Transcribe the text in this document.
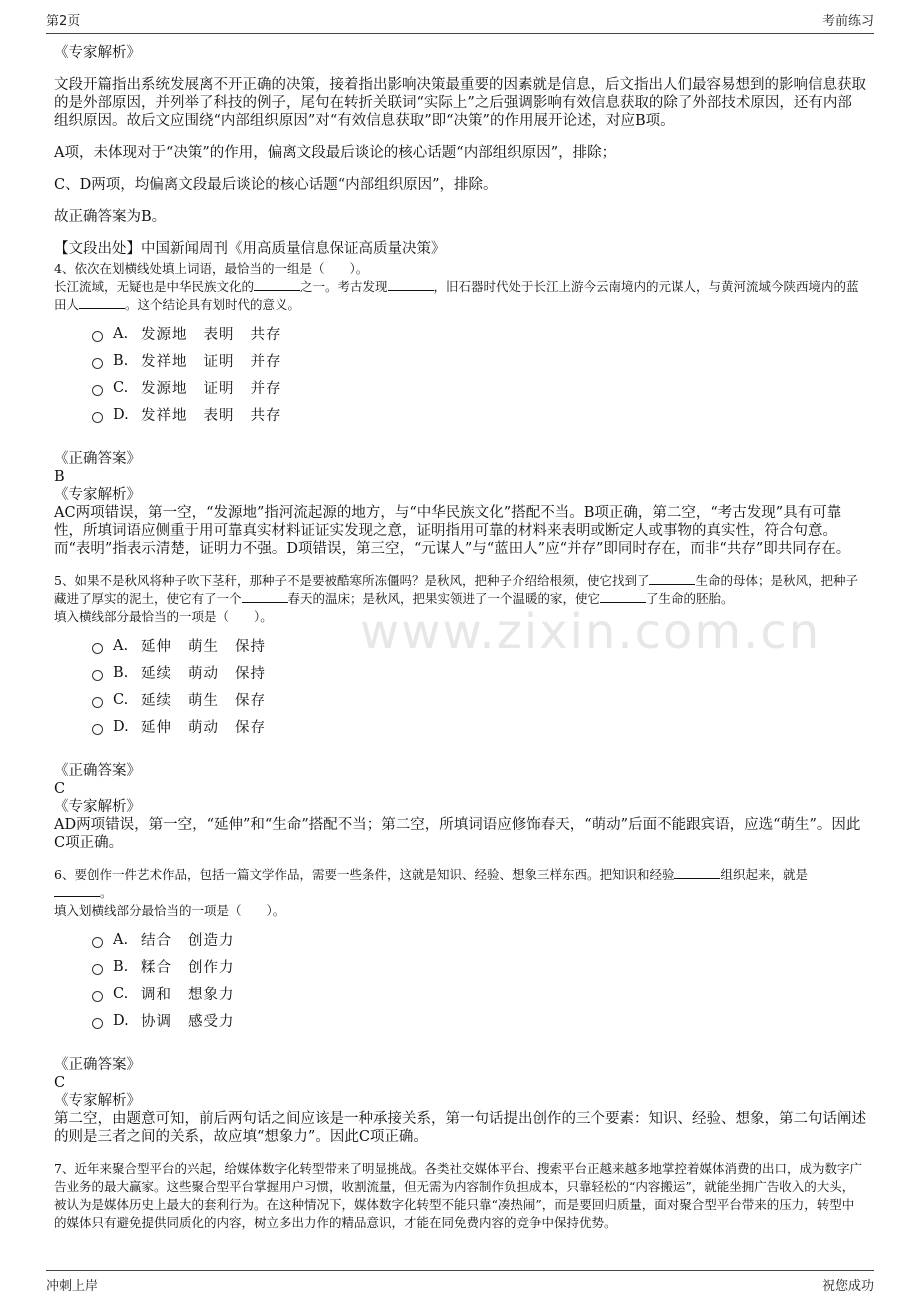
第2页	考前练习
www.zixin.com.cn

《专家解析》

文段开篇指出系统发展离不开正确的决策，接着指出影响决策最重要的因素就是信息，后文指出人们最容易想到的影响信息获取的是外部原因，并列举了科技的例子，尾句在转折关联词“实际上”之后强调影响有效信息获取的除了外部技术原因，还有内部组织原因。故后文应围绕“内部组织原因”对“有效信息获取”即“决策”的作用展开论述，对应B项。

A项，未体现对于“决策”的作用，偏离文段最后谈论的核心话题“内部组织原因”，排除；

C、D两项，均偏离文段最后谈论的核心话题“内部组织原因”，排除。

故正确答案为B。

【文段出处】中国新闻周刊《用高质量信息保证高质量决策》

4、依次在划横线处填上词语，最恰当的一组是（　　）。

长江流域，无疑也是中华民族文化的	之一。考古发现	，旧石器时代处于长江上游今云南境内的元谋人，与黄河流域今陕西境内的蓝田人	。这个结论具有划时代的意义。

A. 发源地 表明 共存
B. 发祥地 证明 并存
C. 发源地 证明 并存
D. 发祥地 表明 共存

《正确答案》

B

《专家解析》

AC两项错误，第一空，“发源地”指河流起源的地方，与“中华民族文化”搭配不当。B项正确，第二空，“考古发现”具有可靠性，所填词语应侧重于用可靠真实材料证证实发现之意，证明指用可靠的材料来表明或断定人或事物的真实性，符合句意。而“表明”指表示清楚，证明力不强。D项错误，第三空，“元谋人”与“蓝田人”应“并存”即同时存在，而非“共存”即共同存在。

5、如果不是秋风将种子吹下茎秆，那种子不是要被酷寒所冻僵吗？是秋风，把种子介绍给根须，使它找到了	生命的母体；是秋风，把种子藏进了厚实的泥土，使它有了一个	春天的温床；是秋风，把果实领进了一个温暖的家，使它	了生命的胚胎。

填入横线部分最恰当的一项是（　　）。

A. 延伸 萌生 保持
B. 延续 萌动 保持
C. 延续 萌生 保存
D. 延伸 萌动 保存

《正确答案》

C

《专家解析》

AD两项错误，第一空，“延伸”和“生命”搭配不当；第二空，所填词语应修饰春天，“萌动”后面不能跟宾语，应选“萌生”。因此C项正确。

6、要创作一件艺术作品，包括一篇文学作品，需要一些条件，这就是知识、经验、想象三样东西。把知识和经验	组织起来，就是
。

填入划横线部分最恰当的一项是（　　）。

A. 结合 创造力
B. 糅合 创作力
C. 调和 想象力
D. 协调 感受力

《正确答案》

C

《专家解析》

第二空，由题意可知，前后两句话之间应该是一种承接关系，第一句话提出创作的三个要素：知识、经验、想象，第二句话阐述的则是三者之间的关系，故应填“想象力”。因此C项正确。

7、近年来聚合型平台的兴起，给媒体数字化转型带来了明显挑战。各类社交媒体平台、搜索平台正越来越多地掌控着媒体消费的出口，成为数字广告业务的最大赢家。这些聚合型平台掌握用户习惯，收割流量，但无需为内容制作负担成本，只靠轻松的“内容搬运”，就能坐拥广告收入的大头，被认为是媒体历史上最大的套利行为。在这种情况下，媒体数字化转型不能只靠“凑热闹”，而是要回归质量，面对聚合型平台带来的压力，转型中的媒体只有避免提供同质化的内容，树立多出力作的精品意识，才能在同免费内容的竞争中保持优势。

冲刺上岸	祝您成功
